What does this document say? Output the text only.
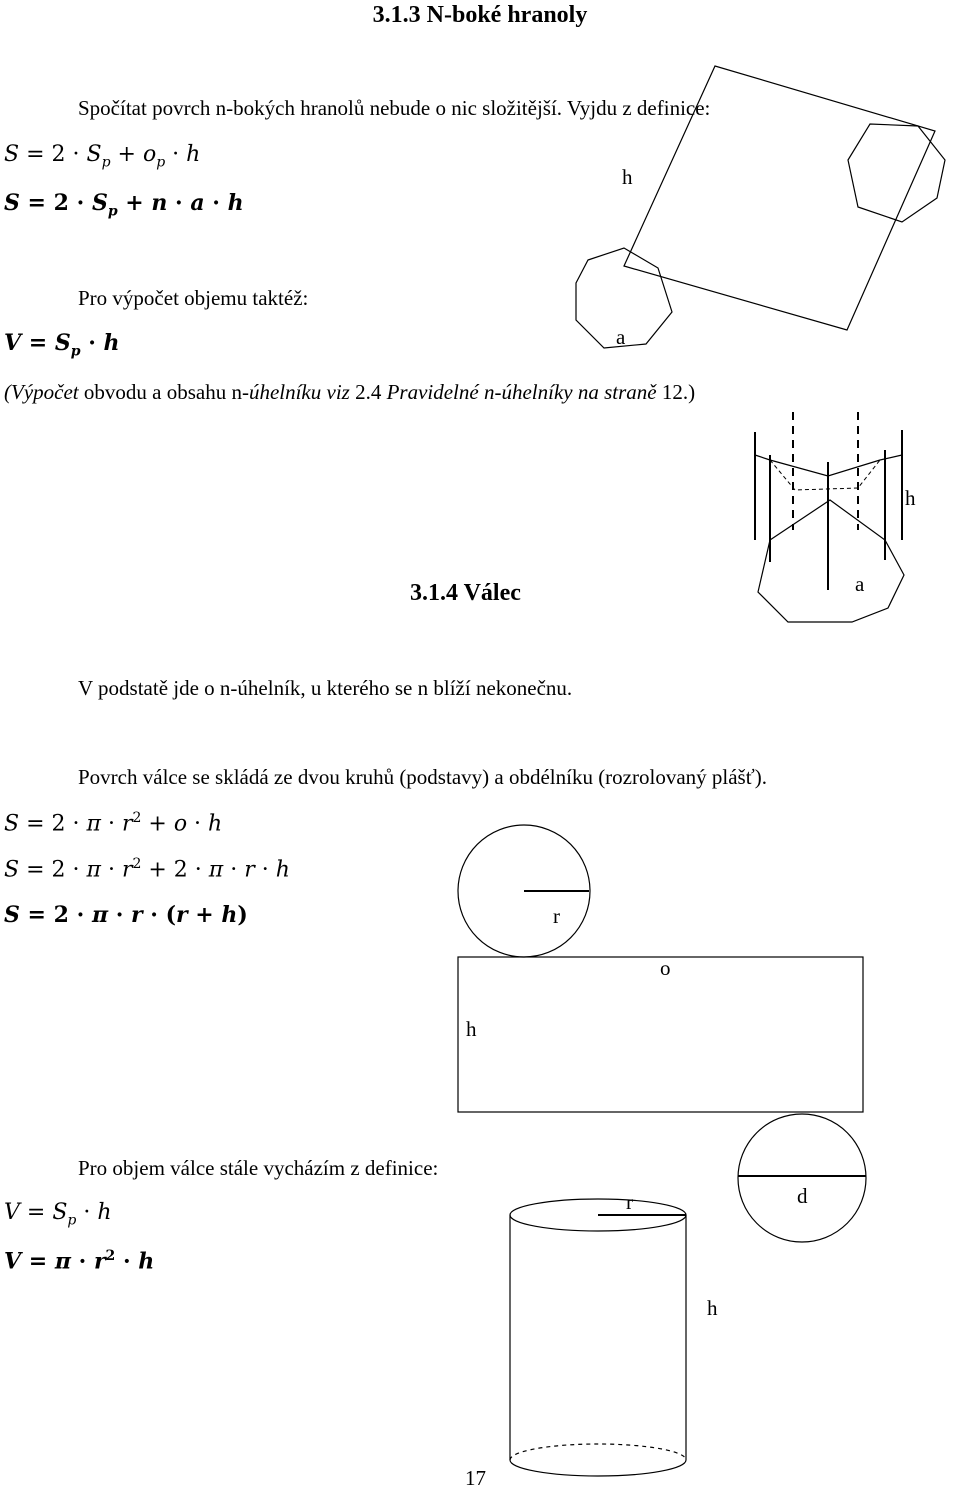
3.1.3 N-boké hranoly
Spočítat povrch n-bokých hranolů nebude o nic složitější. Vyjdu z definice:
$S = 2 \cdot S_p + o_p \cdot h$
$S = 2 \cdot S_p + n \cdot a \cdot h$
Pro výpočet objemu taktéž:
$V = S_p \cdot h$
(Výpočet obvodu a obsahu n-úhelníku viz 2.4 Pravidelné n-úhelníky na straně 12.)
h
a
h
a
3.1.4 Válec
V podstatě jde o n-úhelník, u kterého se n blíží nekonečnu.
Povrch válce se skládá ze dvou kruhů (podstavy) a obdélníku (rozrolovaný plášť).
$S = 2 \cdot \pi \cdot r^2 + o \cdot h$
$S = 2 \cdot \pi \cdot r^2 + 2 \cdot \pi \cdot r \cdot h$
S = 2 · π · r · (r + h)	r
o
h
Pro objem válce stále vycházím z definice:
$V = S_p \cdot h$
$V = \pi \cdot r^2 \cdot h$
r
h
d
17
